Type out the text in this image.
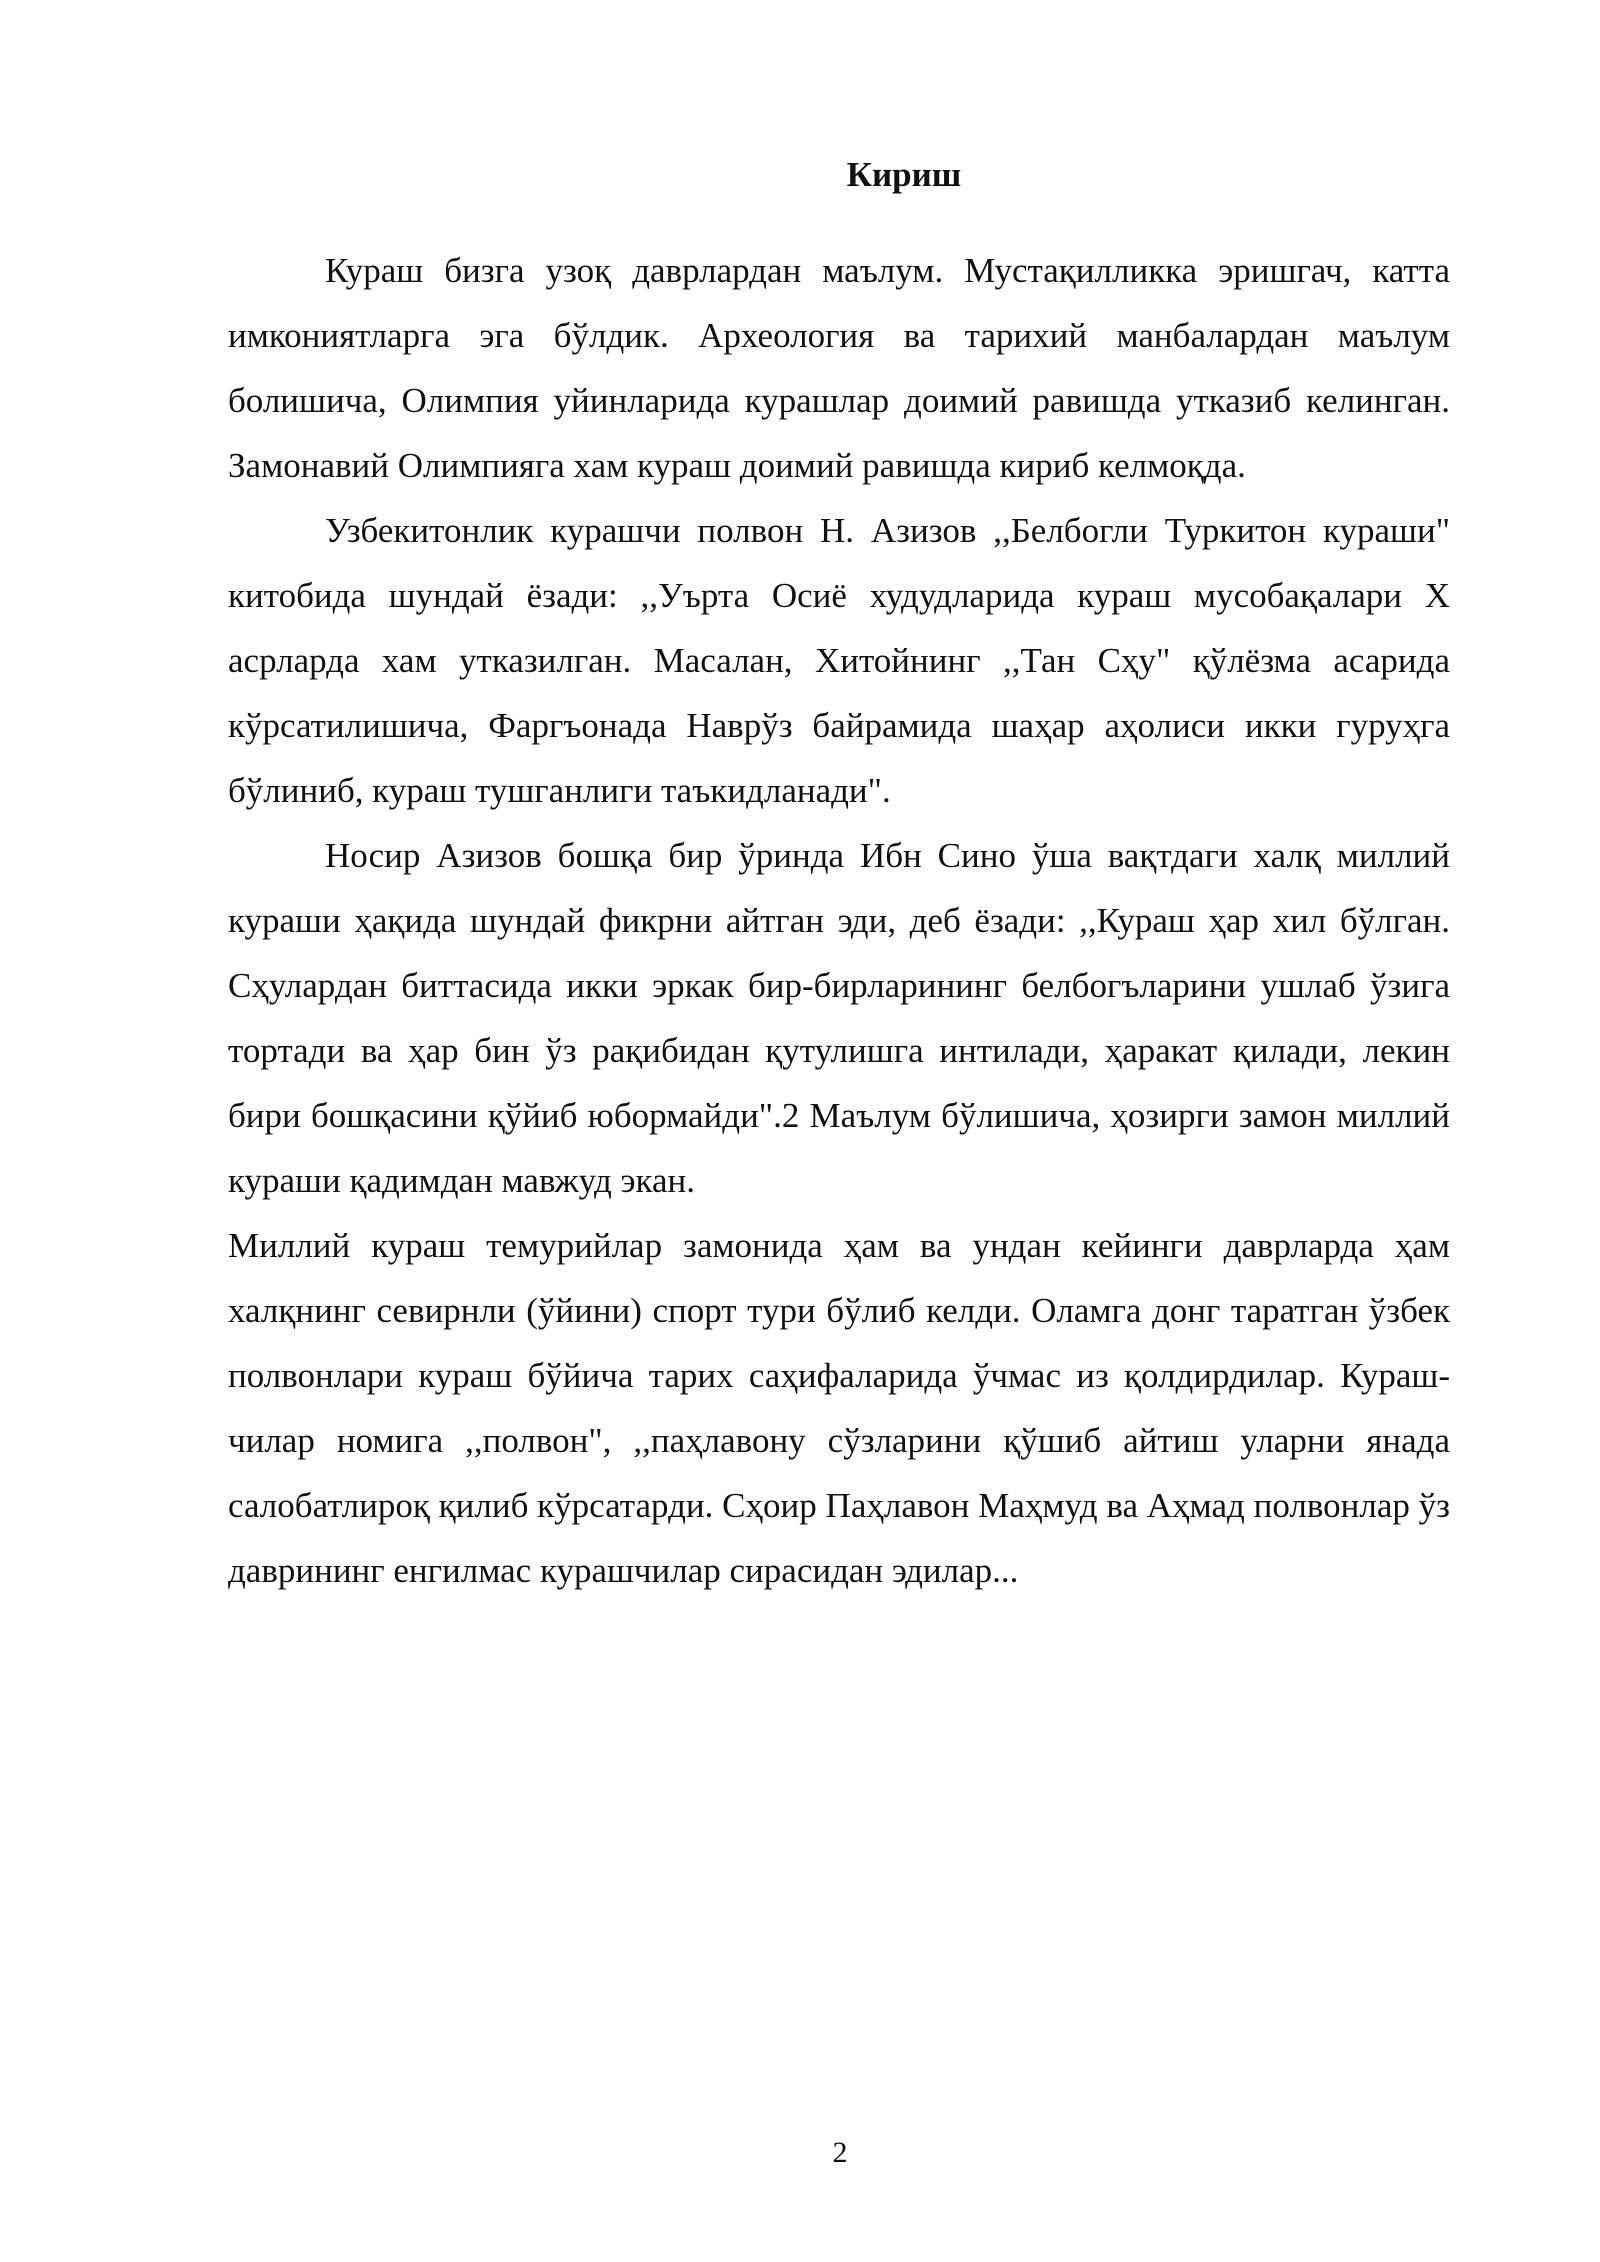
Кириш

Кураш бизга узоқ даврлардан маълум. Мустақилликка эришгач, катта имкониятларга эга бўлдик. Археология ва тарихий манбалардан маълум болишича, Олимпия уйинларида курашлар доимий равишда утказиб келинган. Замонавий Олимпияга хам кураш доимий равишда кириб келмоқда.

Узбекитонлик курашчи полвон Н. Азизов ,,Белбогли Туркитон кураши" китобида шундай ёзади: ,,Уърта Осиё худудларида кураш мусобақалари X асрларда хам утказилган. Масалан, Хитойнинг ,,Тан Сҳу" қўлёзма асарида кўрсатилишича, Фаргъонада Наврўз байрамида шаҳар аҳолиси икки гуруҳга бўлиниб, кураш тушганлиги таъкидланади".

Носир Азизов бошқа бир ўринда Ибн Сино ўша вақтдаги халқ миллий кураши ҳақида шундай фикрни айтган эди, деб ёзади: ,,Кураш ҳар хил бўлган. Сҳулардан биттасида икки эркак бир-бирларининг белбогъларини ушлаб ўзига тортади ва ҳар бин ўз рақибидан қутулишга интилади, ҳаракат қилади, лекин бири бошқасини қўйиб юбормайди".2 Маълум бўлишича, ҳозирги замон миллий кураши қадимдан мавжуд экан.

Миллий кураш темурийлар замонида ҳам ва ундан кейинги даврларда ҳам халқнинг севирнли (ўйини) спорт тури бўлиб келди. Оламга донг таратган ўзбек полвонлари кураш бўйича тарих саҳифаларида ўчмас из қолдирдилар. Кураш-чилар номига ,,полвон", ,,паҳлавону сўзларини қўшиб айтиш уларни янада салобатлироқ қилиб кўрсатарди. Сҳоир Паҳлавон Маҳмуд ва Аҳмад полвонлар ўз даврининг енгилмас курашчилар сирасидан эдилар...

2
